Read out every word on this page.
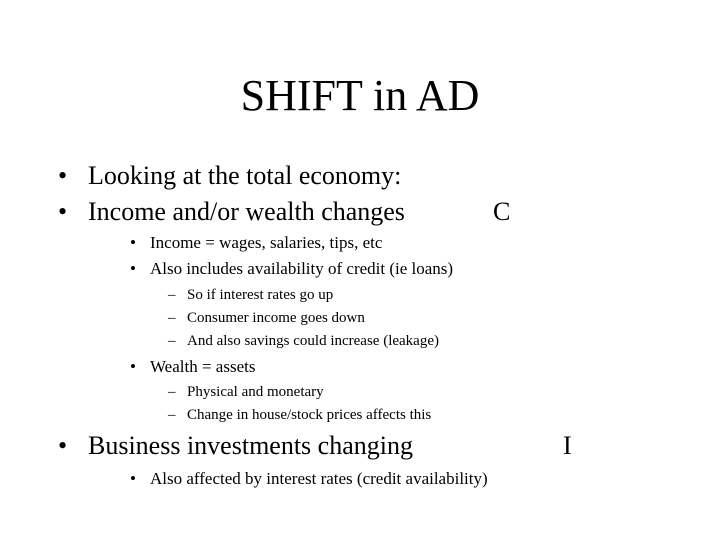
SHIFT in AD
• Looking at the total economy:
• Income and/or wealth changes	C
• Income = wages, salaries, tips, etc
• Also includes availability of credit (ie loans)
– So if interest rates go up
– Consumer income goes down
– And also savings could increase (leakage)
• Wealth = assets
– Physical and monetary
– Change in house/stock prices affects this
• Business investments changing	I
• Also affected by interest rates (credit availability)
